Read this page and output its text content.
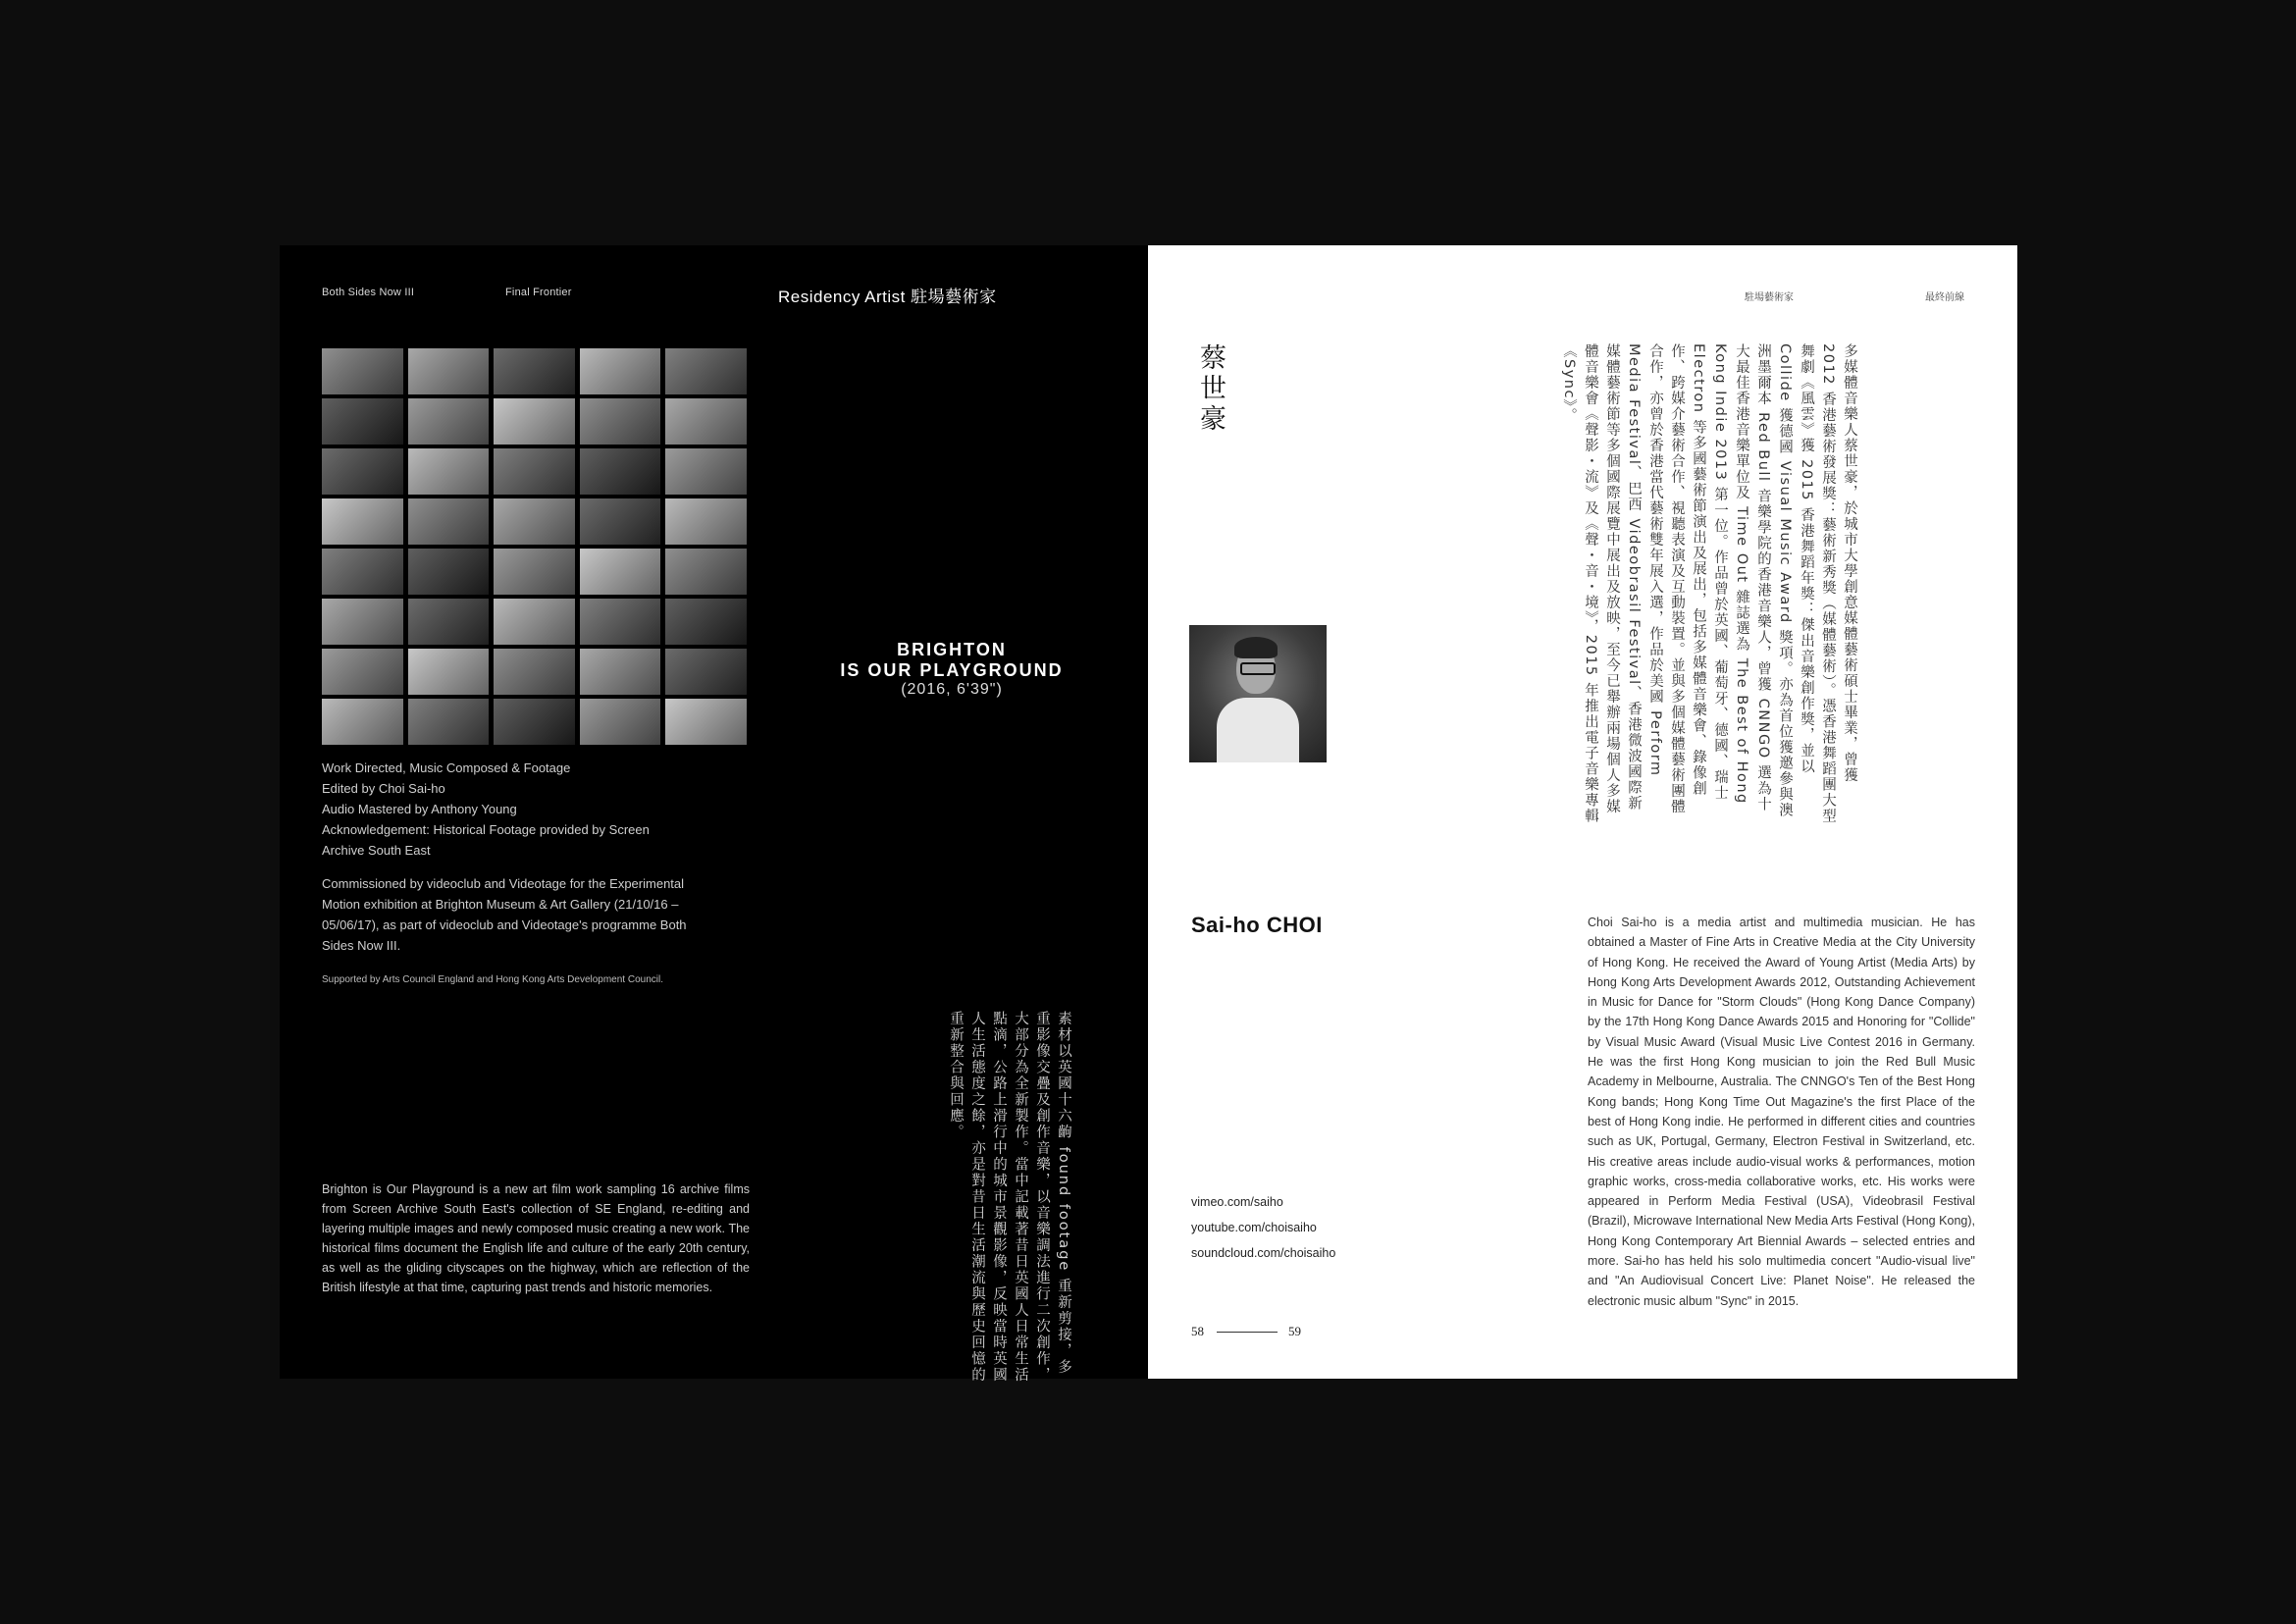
Both Sides Now III	Final Frontier	Residency Artist 駐場藝術家
BRIGHTON
IS OUR PLAYGROUND
(2016, 6'39")
Work Directed, Music Composed & Footage
Edited by Choi Sai-ho
Audio Mastered by Anthony Young
Acknowledgement: Historical Footage provided by Screen
Archive South East
Commissioned by videoclub and Videotage for the Experimental Motion exhibition at Brighton Museum & Art Gallery (21/10/16 – 05/06/17), as part of videoclub and Videotage's programme Both Sides Now III.
Supported by Arts Council England and Hong Kong Arts Development Council.
Brighton is Our Playground is a new art film work sampling 16 archive films from Screen Archive South East's collection of SE England, re-editing and layering multiple images and newly composed music creating a new work. The historical films document the English life and culture of the early 20th century, as well as the gliding cityscapes on the highway, which are reflection of the British lifestyle at that time, capturing past trends and historic memories.	素材以英國十六齣 found footage 重新剪接，多重影像交疊及創作音樂，以音樂調法進行二次創作，大部分為全新製作。當中記載著昔日英國人日常生活點滴，公路上滑行中的城市景觀影像，反映當時英國人生活態度之餘，亦是對昔日生活潮流與歷史回憶的重新整合與回應。
駐場藝術家	最終前線
蔡世豪	多媒體音樂人蔡世豪，於城市大學創意媒體藝術碩士畢業，曾獲 2012 香港藝術發展獎：藝術新秀獎（媒體藝術）。憑香港舞蹈團大型舞劇《風雲》獲 2015 香港舞蹈年獎：傑出音樂創作獎，並以 Collide 獲德國 Visual Music Award 獎項。亦為首位獲邀參與澳洲墨爾本 Red Bull 音樂學院的香港音樂人，曾獲 CNNGO 選為十大最佳香港音樂單位及 Time Out 雜誌選為 The Best of Hong Kong Indie 2013 第一位。作品曾於英國、葡萄牙、德國、瑞士 Electron 等多國藝術節演出及展出，包括多媒體音樂會、錄像創作、跨媒介藝術合作、視聽表演及互動裝置。並與多個媒體藝術團體合作，亦曾於香港當代藝術雙年展入選，作品於美國 Perform Media Festival、巴西 Videobrasil Festival、香港微波國際新媒體藝術節等多個國際展覽中展出及放映，至今已舉辦兩場個人多媒體音樂會《聲影・流》及《聲・音・境》，2015 年推出電子音樂專輯《Sync》。
Sai-ho CHOI	Choi Sai-ho is a media artist and multimedia musician. He has obtained a Master of Fine Arts in Creative Media at the City University of Hong Kong. He received the Award of Young Artist (Media Arts) by Hong Kong Arts Development Awards 2012, Outstanding Achievement in Music for Dance for "Storm Clouds" (Hong Kong Dance Company) by the 17th Hong Kong Dance Awards 2015 and Honoring for "Collide" by Visual Music Award (Visual Music Live Contest 2016 in Germany. He was the first Hong Kong musician to join the Red Bull Music Academy in Melbourne, Australia. The CNNGO's Ten of the Best Hong Kong bands; Hong Kong Time Out Magazine's the first Place of the best of Hong Kong indie. He performed in different cities and countries such as UK, Portugal, Germany, Electron Festival in Switzerland, etc. His creative areas include audio-visual works & performances, motion graphic works, cross-media collaborative works, etc. His works were appeared in Perform Media Festival (USA), Videobrasil Festival (Brazil), Microwave International New Media Arts Festival (Hong Kong), Hong Kong Contemporary Art Biennial Awards – selected entries and more. Sai-ho has held his solo multimedia concert "Audio-visual live" and "An Audiovisual Concert Live: Planet Noise". He released the electronic music album "Sync" in 2015.
vimeo.com/saiho
youtube.com/choisaiho
soundcloud.com/choisaiho
58	59
